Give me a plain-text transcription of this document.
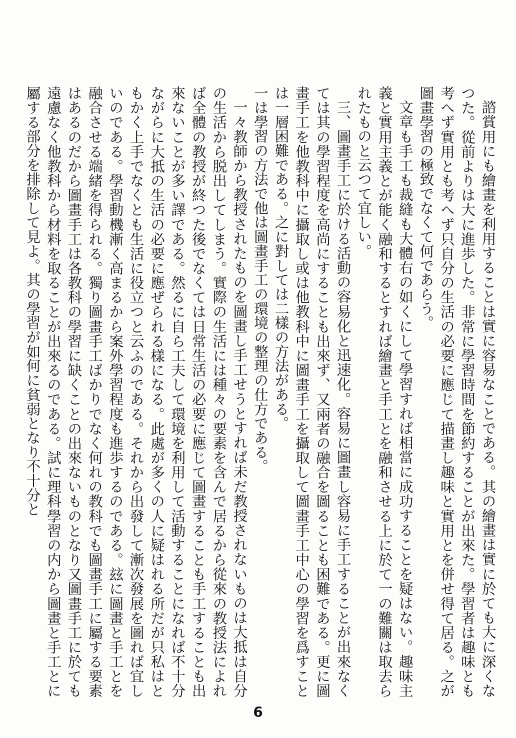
諮賞用にも繪畫を利用することは實に容易なことである。其の繪畫は實に於ても大に深くなつた。從前よりは大に進歩した。非常に學習時間を節約することが出來た。學習者は趣味とも考へず實用とも考へず只自分の生活の必要に應じて描畫し趣味と實用とを併せ得て居る。之が圖畫學習の極致でなくて何であらう。

文章も手工も裁縫も大體右の如くにして學習すれば相當に成功することを疑はない。趣味主義と實用主義とが能く融和するとすれば繪畫と手工とを融和させる上に於て一の難關は取去られたものと云つて宜しい。

三、圖畫手工に於ける活動の容易化と迅速化。容易に圖畫し容易に手工することが出來なくては其の學習程度を高尚にすることも出來ず、又兩者の融合を圖ることも困難である。更に圖畫手工を他教科中に攝取し或は他教科中に圖畫手工を攝取して圖畫手工中心の學習を爲すことは一層困難である。之に對しては二樣の方法がある。

一は學習の方法で他は圖畫手工の環境の整理の仕方である。

一々教師から教授されたものを圖畫し手工せうとすれば未だ教授されないものは大抵は自分の生活から脱出してしまう。實際の生活には種々の要素を含んで居るから從來の教授法によれば全體の教授が終つた後でなくては日常生活の必要に應じて圖畫することも手工することも出來ないことが多い譯である。然るに自ら工夫して環境を利用して活動することになれば不十分ながらに大抵の生活の必要に應ぜられる樣になる。此處が多くの人に疑はれる所だが只私はともかく上手でなくとも生活に役立つと云ふのである。それから出發して漸次發展を圖れば宜しいのである。學習動機漸く高まるから案外學習程度も進歩するのである。玆に圖畫と手工とを融合させる端緒を得られる。獨り圖畫手工ばかりでなく何れの教科でも圖畫手工に屬する要素はあるのだから圖畫手工は各教科の學習に缺くことの出來ないものとなり又圖畫手工に於ても遠慮なく他教科から材料を取ることが出來るのである。試に理科學習の内から圖畫と手工とに屬する部分を排除して見よ。其の學習が如何に貧弱となり不十分と

6
